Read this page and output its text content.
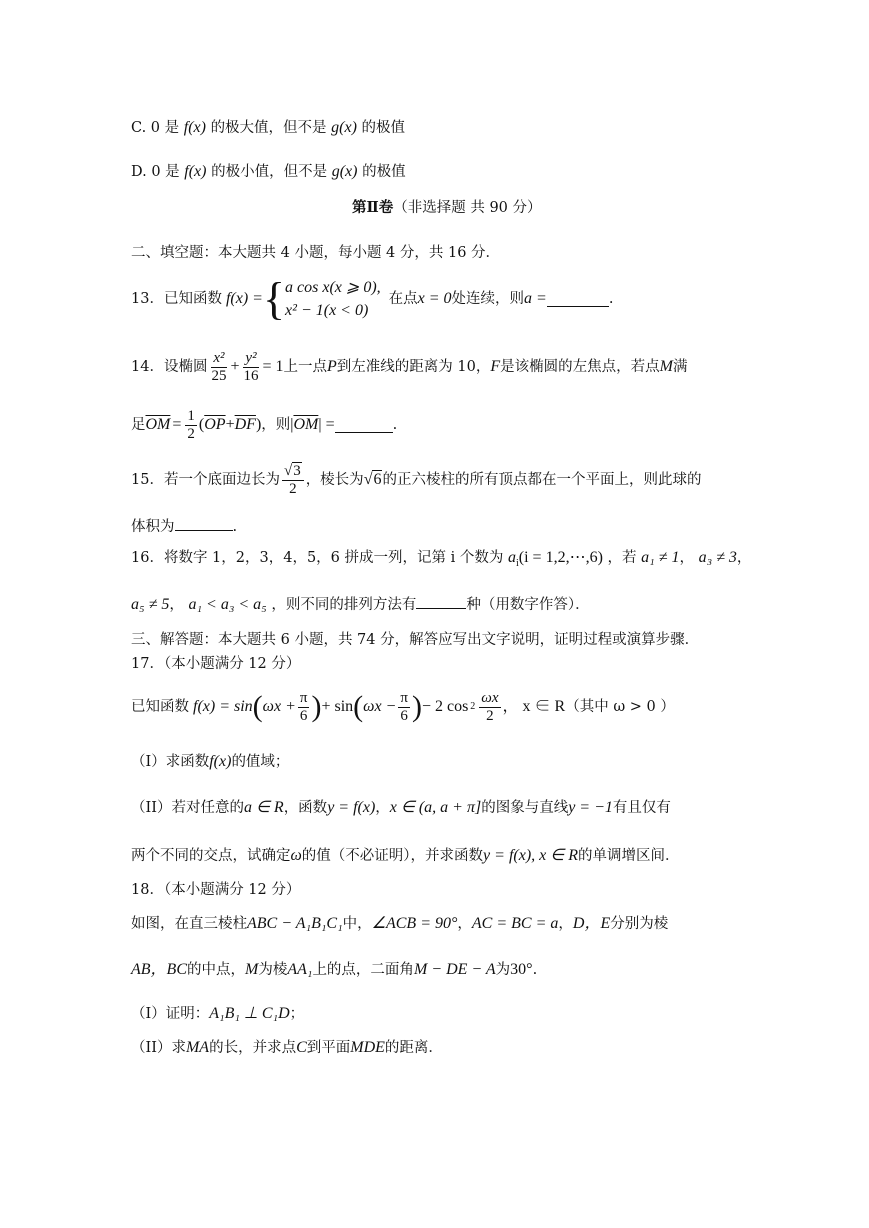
C. 0 是 f(x) 的极大值，但不是 g(x) 的极值
D. 0 是 f(x) 的极小值，但不是 g(x) 的极值
第Ⅱ卷（非选择题 共 90 分）
二、填空题：本大题共 4 小题，每小题 4 分，共 16 分．
13．已知函数 f(x) = { a cos x(x ⩾ 0),
x² − 1(x < 0)
在点 x = 0 处连续，则 a =	.
14．设椭圆 $\frac{\text{x²}}{25} + \frac{\text{y²}}{16} = 1$ 上一点 P 到左准线的距离为 10， F 是该椭圆的左焦点，若点 M 满
足 $\overline{OM} = \frac{1}{2}$ ( $\overline{OP} + \overline{DF}$ ) ，则 | $\overline{OM}$ | =	.
15．若一个底面边长为 $\frac{√3}{2}$ ，棱长为 √6 的正六棱柱的所有顶点都在一个平面上，则此球的
体积为	.
16．将数字 1，2，3，4，5，6 拼成一列，记第 i 个数为 $a_i(i$ = 1,2,⋯,6) ，若 a₁ ≠ 1， a₃ ≠ 3，
a₅ ≠ 5， a₁ < a₃ < a₅ ，则不同的排列方法有	种（用数字作答）．
三、解答题：本大题共 6 小题，共 74 分，解答应写出文字说明，证明过程或演算步骤．
17．（本小题满分 12 分）
已知函数 f(x) = sin ( $\omega x + \frac{\pi}{6}$ ) + sin ( $\omega x - \frac{\pi}{6}$ ) − 2 $\cos 2 \frac{\omega x}{2}$ ， x ∈ R （其中 ω > 0 ）
（I）求函数f(x)的值域；
（II）若对任意的a ∈ R，函数y = f(x)，x ∈ (a, a + π]的图象与直线y = −1有且仅有
两个不同的交点，试确定ω的值（不必证明），并求函数y = f(x), x ∈ R的单调增区间．
18．（本小题满分 12 分）
如图，在直三棱柱ABC − A₁B₁C₁中，∠ACB = 90°，AC = BC = a，D，E分别为棱
AB，BC的中点，M为棱AA₁上的点，二面角M − DE − A为30°.
（I）证明：A₁B₁ ⊥ C₁D；
（II）求MA的长，并求点C到平面MDE的距离．
